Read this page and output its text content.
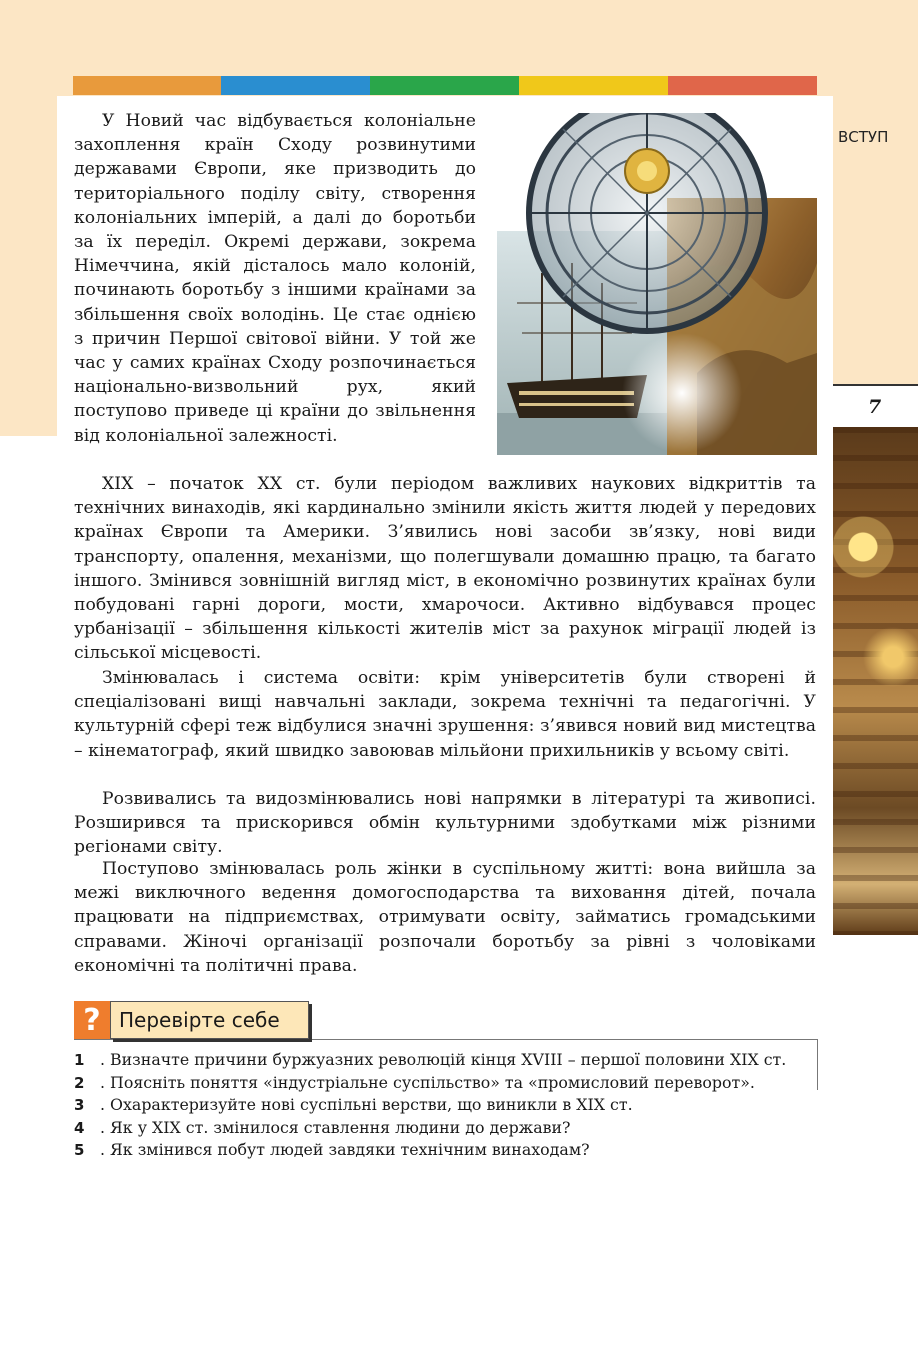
ВСТУП
7

У Новий час відбувається колоніальне захоплення країн Сходу розвинутими державами Європи, яке призводить до територіального поділу світу, створення колоніальних імперій, а далі до боротьби за їх переділ. Окремі держави, зокрема Німеччина, якій дісталось мало колоній, починають боротьбу з іншими країнами за збільшення своїх володінь. Це стає однією з причин Першої світової війни. У той же час у самих країнах Сходу розпочинається національно-визвольний рух, який поступово приведе ці країни до звільнення від колоніальної залежності.

XIX – початок XX ст. були періодом важливих наукових відкриттів та технічних винаходів, які кардинально змінили якість життя людей у передових країнах Європи та Америки. З’явились нові засоби зв’язку, нові види транспорту, опалення, механізми, що полегшували домашню працю, та багато іншого. Змінився зовнішній вигляд міст, в економічно розвинутих країнах були побудовані гарні дороги, мости, хмарочоси. Активно відбувався процес урбанізації – збільшення кількості жителів міст за рахунок міграції людей із сільської місцевості.

Змінювалась і система освіти: крім університетів були створені й спеціалізовані вищі навчальні заклади, зокрема технічні та педагогічні. У культурній сфері теж відбулися значні зрушення: з’явився новий вид мистецтва – кінематограф, який швидко завоював мільйони прихильників у всьому світі.

Розвивались та видозмінювались нові напрямки в літературі та живописі. Розширився та прискорився обмін культурними здобутками між різними регіонами світу.

Поступово змінювалась роль жінки в суспільному житті: вона вийшла за межі виключного ведення домогосподарства та виховання дітей, почала працювати на підприємствах, отримувати освіту, займатись громадськими справами. Жіночі організації розпочали боротьбу за рівні з чоловіками економічні та політичні права.

? Перевірте себе
1 . Визначте причини буржуазних революцій кінця XVIII – першої половини XIX ст.
2 . Поясніть поняття «індустріальне суспільство» та «промисловий переворот».
3 . Охарактеризуйте нові суспільні верстви, що виникли в XIX ст.
4 . Як у XIX ст. змінилося ставлення людини до держави?
5 . Як змінився побут людей завдяки технічним винаходам?
